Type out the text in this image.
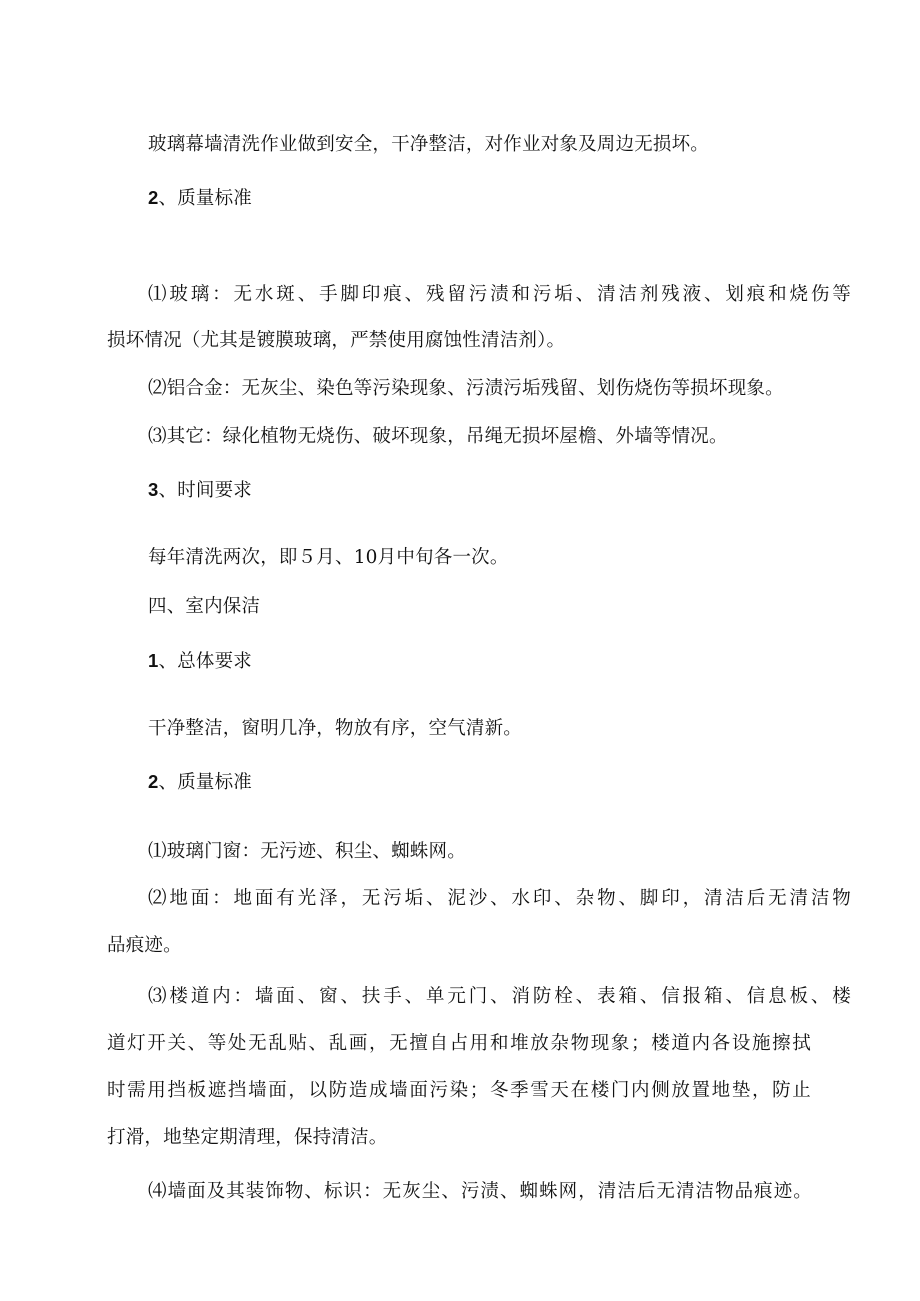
玻璃幕墙清洗作业做到安全，干净整洁，对作业对象及周边无损坏。
2、质量标准
⑴玻璃：无水斑、手脚印痕、残留污渍和污垢、清洁剂残液、划痕和烧伤等
损坏情况（尤其是镀膜玻璃，严禁使用腐蚀性清洁剂）。
⑵铝合金：无灰尘、染色等污染现象、污渍污垢残留、划伤烧伤等损坏现象。
⑶其它：绿化植物无烧伤、破坏现象，吊绳无损坏屋檐、外墙等情况。
3、时间要求
每年清洗两次，即５月、10月中旬各一次。
四、室内保洁
1、总体要求
干净整洁，窗明几净，物放有序，空气清新。
2、质量标准
⑴玻璃门窗：无污迹、积尘、蜘蛛网。
⑵地面：地面有光泽，无污垢、泥沙、水印、杂物、脚印，清洁后无清洁物
品痕迹。
⑶楼道内：墙面、窗、扶手、单元门、消防栓、表箱、信报箱、信息板、楼
道灯开关、等处无乱贴、乱画，无擅自占用和堆放杂物现象；楼道内各设施擦拭
时需用挡板遮挡墙面，以防造成墙面污染；冬季雪天在楼门内侧放置地垫，防止
打滑，地垫定期清理，保持清洁。
⑷墙面及其装饰物、标识：无灰尘、污渍、蜘蛛网，清洁后无清洁物品痕迹。
